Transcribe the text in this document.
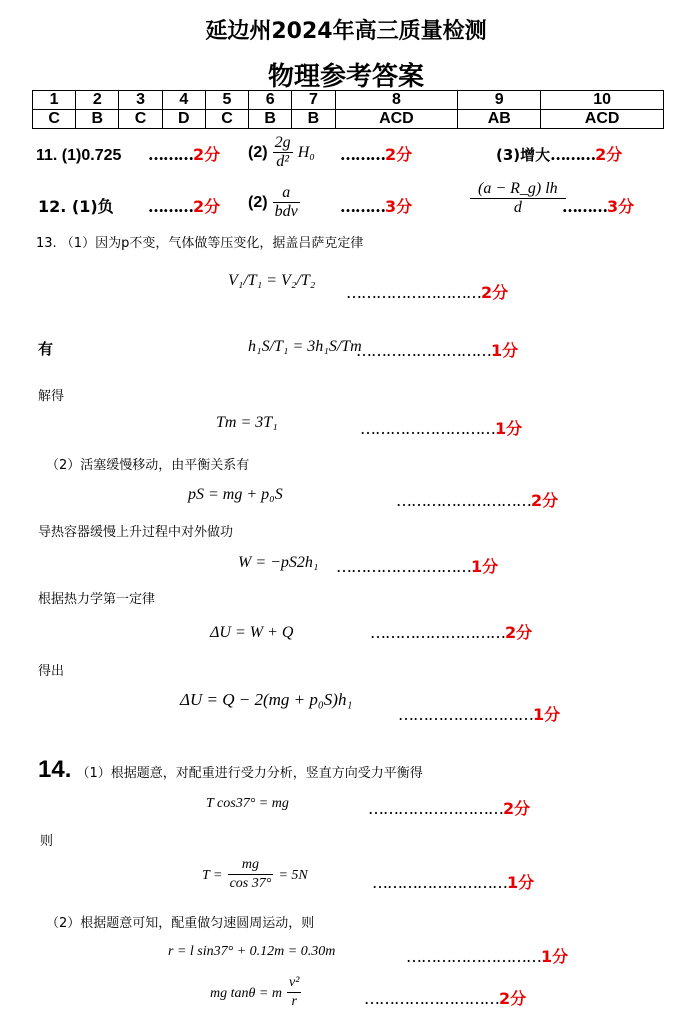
延边州2024年高三质量检测
物理参考答案
1	2	3	4	5	6	7	8	9	10
C	B	C	D	C	B	B	ACD	AB	ACD
11. (1)0.725 ………2分 $(2) \frac{2g}{\text{d²}} H_0$ ………2分	(3)增大………2分
12. (1)负 ………2分 $(2) \frac{a}{\text{bdv}}$	………3分	$\frac{(a - R\_g) lh}{d}$
………3分
13. （1）因为p不变，气体做等压变化，据盖吕萨克定律
V₁/T₁ = V₂/T₂
………………………2分
有	h₁S/T₁ = 3h₁S/Tm
………………………1分
解得
Tm = 3T₁	………………………1分
（2）活塞缓慢移动，由平衡关系有
pS = mg + p₀S	………………………2分
导热容器缓慢上升过程中对外做功
W = −pS2h₁ ………………………1分
根据热力学第一定律
ΔU = W + Q	………………………2分
得出
ΔU = Q − 2(mg + p₀S)h₁
………………………1分
14. （1）根据题意，对配重进行受力分析，竖直方向受力平衡得
T cos37° = mg	………………………2分
则
$T = \frac{mg}{\cos 37^\circ} = 5N$	………………………1分
（2）根据题意可知，配重做匀速圆周运动，则
r = l sin37° + 0.12m = 0.30m	………………………1分
mg tanθ = m $\frac{\text{v²}}{r}$	………………………2分
